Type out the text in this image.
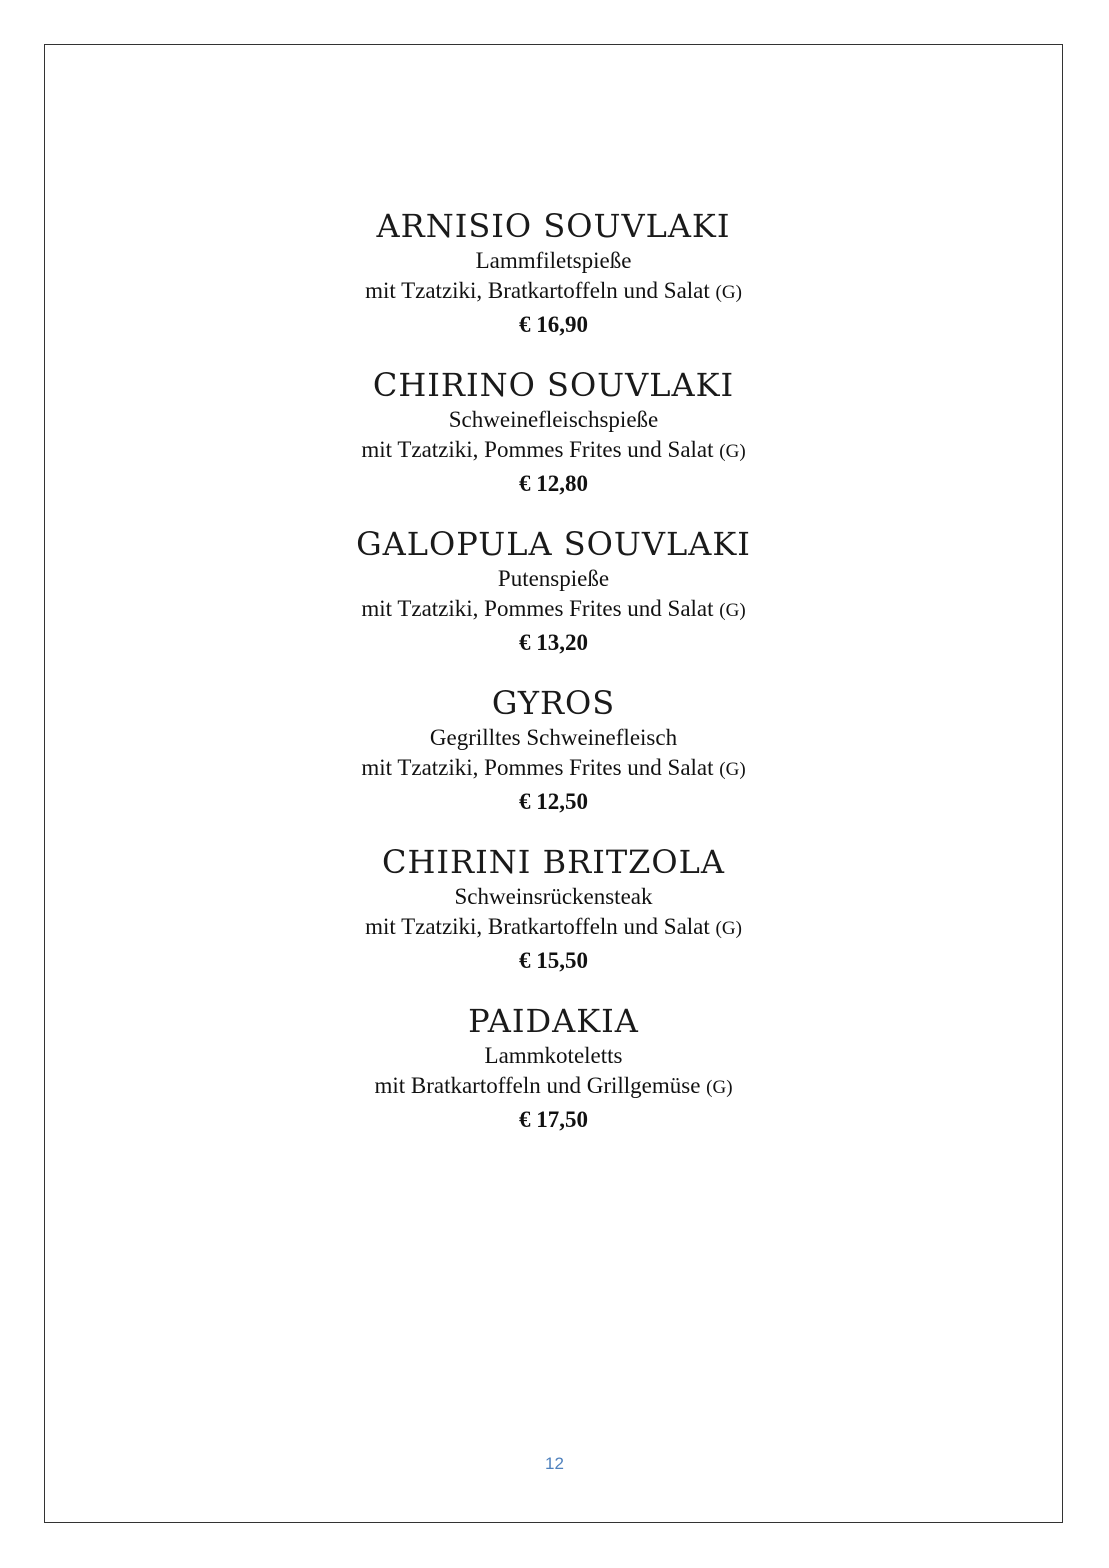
ARNISIO SOUVLAKI
Lammfiletspieße
mit Tzatziki, Bratkartoffeln und Salat (G)
€ 16,90
CHIRINO SOUVLAKI
Schweinefleischspieße
mit Tzatziki, Pommes Frites und Salat (G)
€ 12,80
GALOPULA SOUVLAKI
Putenspieße
mit Tzatziki, Pommes Frites und Salat (G)
€ 13,20
GYROS
Gegrilltes Schweinefleisch
mit Tzatziki, Pommes Frites und Salat (G)
€ 12,50
CHIRINI BRITZOLA
Schweinsrückensteak
mit Tzatziki, Bratkartoffeln und Salat (G)
€ 15,50
PAIDAKIA
Lammkoteletts
mit Bratkartoffeln und Grillgemüse (G)
€ 17,50
12
